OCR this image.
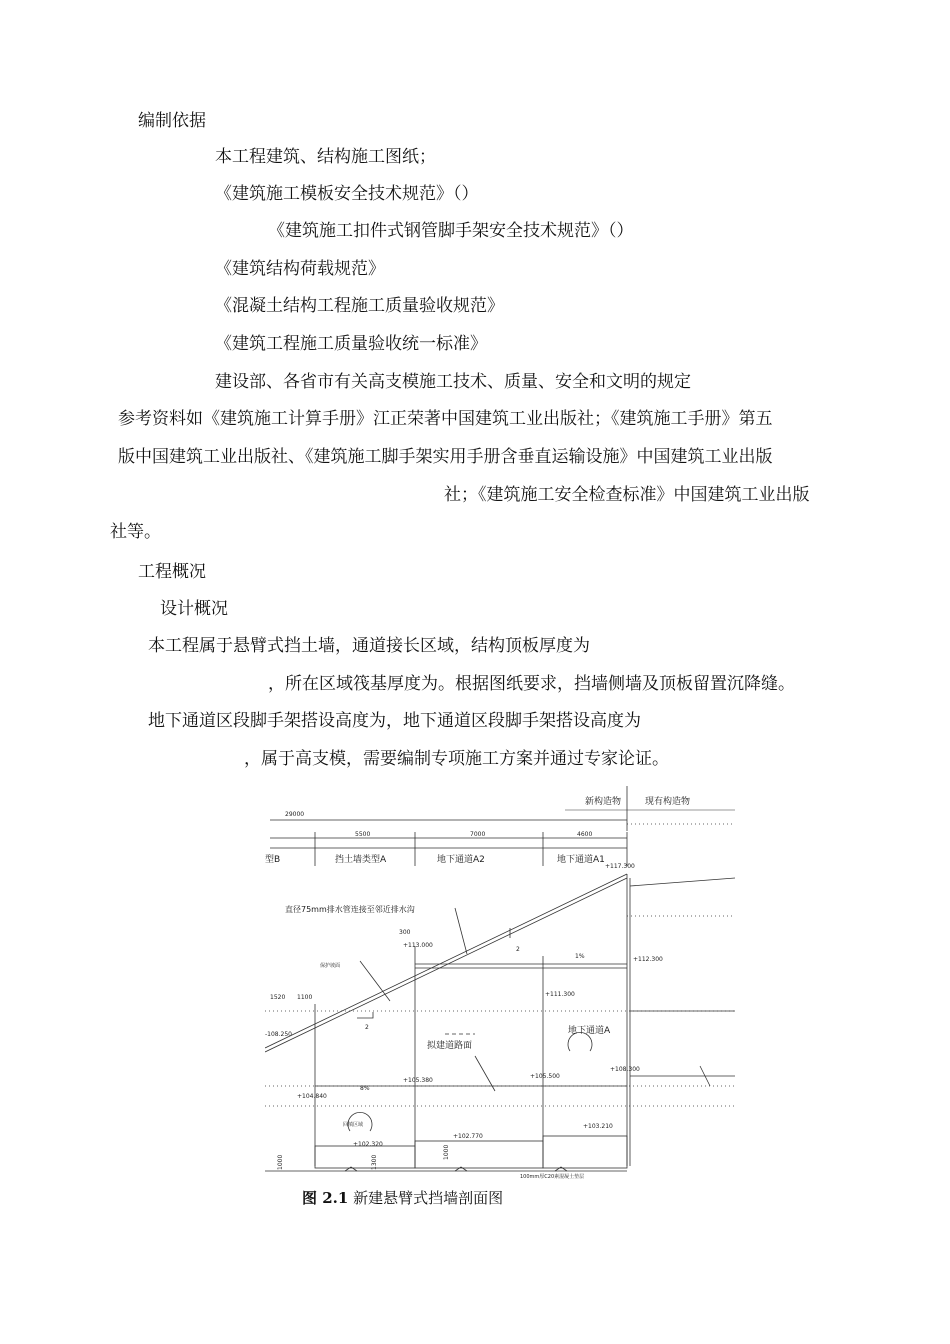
编制依据
本工程建筑、结构施工图纸；
《建筑施工模板安全技术规范》（）
《建筑施工扣件式钢管脚手架安全技术规范》（）
《建筑结构荷载规范》
《混凝土结构工程施工质量验收规范》
《建筑工程施工质量验收统一标准》
建设部、各省市有关高支模施工技术、质量、安全和文明的规定
参考资料如《建筑施工计算手册》江正荣著中国建筑工业出版社；《建筑施工手册》第五
版中国建筑工业出版社、《建筑施工脚手架实用手册含垂直运输设施》中国建筑工业出版
社；《建筑施工安全检查标准》中国建筑工业出版
社等。
工程概况
设计概况
本工程属于悬臂式挡土墙，通道接长区域，结构顶板厚度为
，所在区域筏基厚度为。根据图纸要求，挡墙侧墙及顶板留置沉降缝。
地下通道区段脚手架搭设高度为，地下通道区段脚手架搭设高度为
，属于高支模，需要编制专项施工方案并通过专家论证。
新构造物	现有构造物
29000
5500	7000	4600
型B	挡土墙类型A	地下通道A2	地下通道A1
直径75mm排水管连接至邻近排水沟
保护坡面
拟建道路面
地下通道A
回填区域
100mm厚C20素混凝土垫层
2
2
1%
8%
+117.300
+113.000
+112.300
+111.300
-108.250
+108.300
+105.380
+105.500
+104.840
+103.210
+102.320
+102.770
1520 1100
1000	1300
1000
300
图 2.1 新建悬臂式挡墙剖面图
